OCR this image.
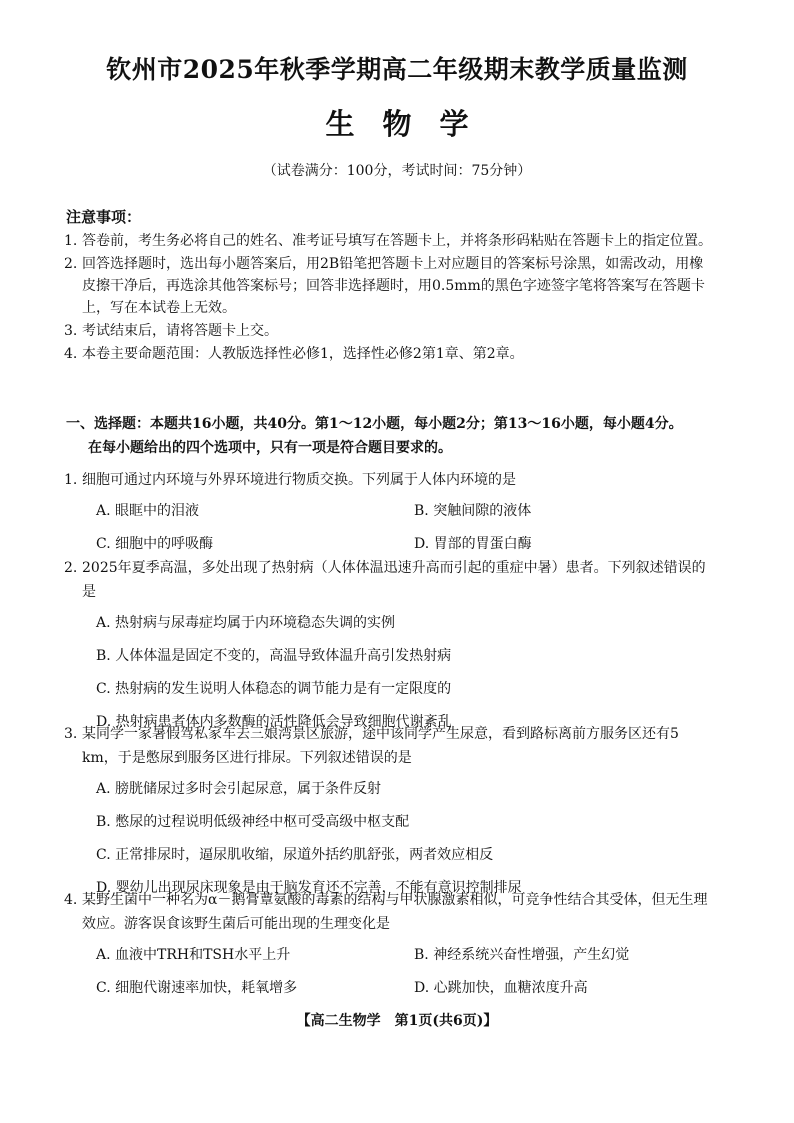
钦州市2025年秋季学期高二年级期末教学质量监测
生物学
（试卷满分：100分，考试时间：75分钟）
注意事项：
1. 答卷前，考生务必将自己的姓名、准考证号填写在答题卡上，并将条形码粘贴在答题卡上的指定位置。
2. 回答选择题时，选出每小题答案后，用2B铅笔把答题卡上对应题目的答案标号涂黑，如需改动，用橡皮擦干净后，再选涂其他答案标号；回答非选择题时，用0.5mm的黑色字迹签字笔将答案写在答题卡上，写在本试卷上无效。
3. 考试结束后，请将答题卡上交。
4. 本卷主要命题范围：人教版选择性必修1，选择性必修2第1章、第2章。
一、选择题：本题共16小题，共40分。第1～12小题，每小题2分；第13～16小题，每小题4分。
在每小题给出的四个选项中，只有一项是符合题目要求的。
1. 细胞可通过内环境与外界环境进行物质交换。下列属于人体内环境的是
A. 眼眶中的泪液	B. 突触间隙的液体
C. 细胞中的呼吸酶	D. 胃部的胃蛋白酶
2. 2025年夏季高温，多处出现了热射病（人体体温迅速升高而引起的重症中暑）患者。下列叙述错误的是
A. 热射病与尿毒症均属于内环境稳态失调的实例
B. 人体体温是固定不变的，高温导致体温升高引发热射病
C. 热射病的发生说明人体稳态的调节能力是有一定限度的
D. 热射病患者体内多数酶的活性降低会导致细胞代谢紊乱
3. 某同学一家暑假驾私家车去三娘湾景区旅游，途中该同学产生尿意，看到路标离前方服务区还有5 km，于是憋尿到服务区进行排尿。下列叙述错误的是
A. 膀胱储尿过多时会引起尿意，属于条件反射
B. 憋尿的过程说明低级神经中枢可受高级中枢支配
C. 正常排尿时，逼尿肌收缩，尿道外括约肌舒张，两者效应相反
D. 婴幼儿出现尿床现象是由于脑发育还不完善，不能有意识控制排尿
4. 某野生菌中一种名为α－鹅膏蕈氨酸的毒素的结构与甲状腺激素相似，可竞争性结合其受体，但无生理效应。游客误食该野生菌后可能出现的生理变化是
A. 血液中TRH和TSH水平上升	B. 神经系统兴奋性增强，产生幻觉
C. 细胞代谢速率加快，耗氧增多	D. 心跳加快，血糖浓度升高
【高二生物学　第1页(共6页)】
